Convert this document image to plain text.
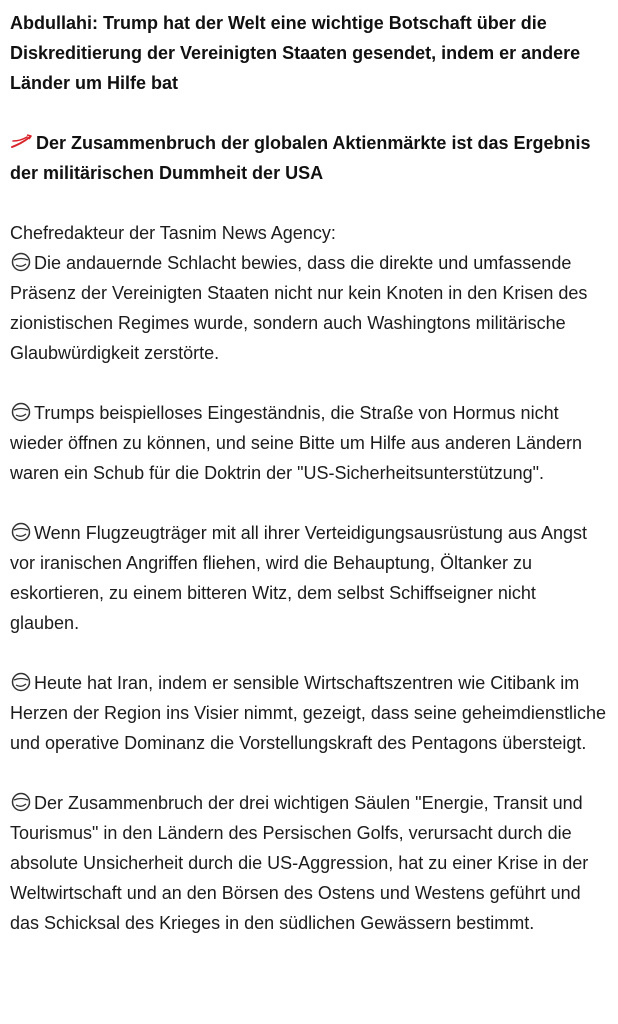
Abdullahi: Trump hat der Welt eine wichtige Botschaft über die Diskreditierung der Vereinigten Staaten gesendet, indem er andere Länder um Hilfe bat

Der Zusammenbruch der globalen Aktienmärkte ist das Ergebnis der militärischen Dummheit der USA

Chefredakteur der Tasnim News Agency:

Die andauernde Schlacht bewies, dass die direkte und umfassende Präsenz der Vereinigten Staaten nicht nur kein Knoten in den Krisen des zionistischen Regimes wurde, sondern auch Washingtons militärische Glaubwürdigkeit zerstörte.

Trumps beispielloses Eingeständnis, die Straße von Hormus nicht wieder öffnen zu können, und seine Bitte um Hilfe aus anderen Ländern waren ein Schub für die Doktrin der "US-Sicherheitsunterstützung".

Wenn Flugzeugträger mit all ihrer Verteidigungsausrüstung aus Angst vor iranischen Angriffen fliehen, wird die Behauptung, Öltanker zu eskortieren, zu einem bitteren Witz, dem selbst Schiffseigner nicht glauben.

Heute hat Iran, indem er sensible Wirtschaftszentren wie Citibank im Herzen der Region ins Visier nimmt, gezeigt, dass seine geheimdienstliche und operative Dominanz die Vorstellungskraft des Pentagons übersteigt.

Der Zusammenbruch der drei wichtigen Säulen "Energie, Transit und Tourismus" in den Ländern des Persischen Golfs, verursacht durch die absolute Unsicherheit durch die US-Aggression, hat zu einer Krise in der Weltwirtschaft und an den Börsen des Ostens und Westens geführt und das Schicksal des Krieges in den südlichen Gewässern bestimmt.
